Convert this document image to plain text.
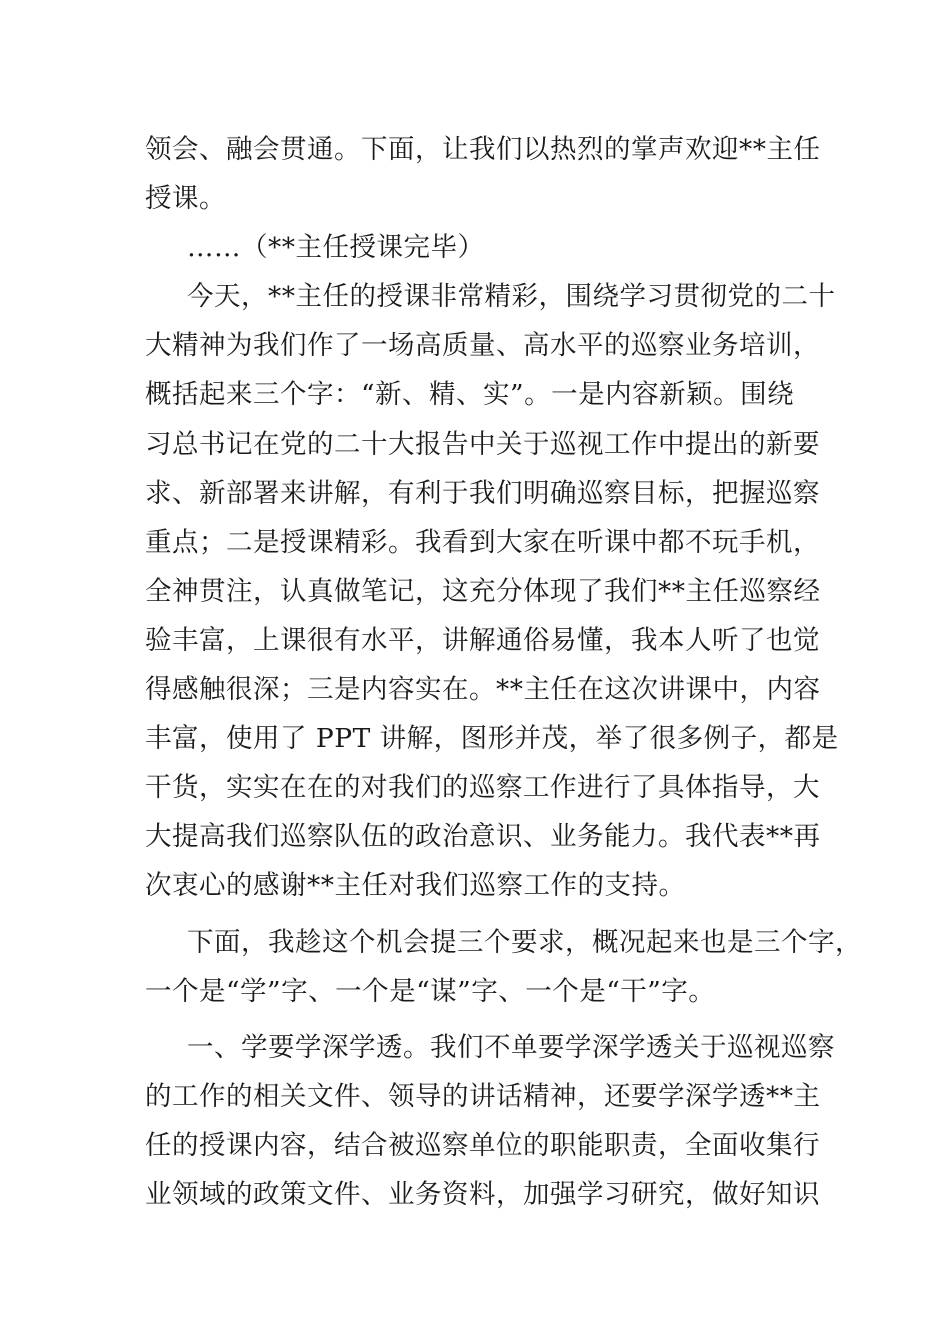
领会、融会贯通。下面，让我们以热烈的掌声欢迎**主任
授课。
……（**主任授课完毕）
今天，**主任的授课非常精彩，围绕学习贯彻党的二十
大精神为我们作了一场高质量、高水平的巡察业务培训，
概括起来三个字：“新、精、实”。一是内容新颖。围绕
习总书记在党的二十大报告中关于巡视工作中提出的新要
求、新部署来讲解，有利于我们明确巡察目标，把握巡察
重点；二是授课精彩。我看到大家在听课中都不玩手机，
全神贯注，认真做笔记，这充分体现了我们**主任巡察经
验丰富，上课很有水平，讲解通俗易懂，我本人听了也觉
得感触很深；三是内容实在。**主任在这次讲课中，内容
丰富，使用了 PPT 讲解，图形并茂，举了很多例子，都是
干货，实实在在的对我们的巡察工作进行了具体指导，大
大提高我们巡察队伍的政治意识、业务能力。我代表**再
次衷心的感谢**主任对我们巡察工作的支持。
下面，我趁这个机会提三个要求，概况起来也是三个字，
一个是“学”字、一个是“谋”字、一个是“干”字。
一、学要学深学透。我们不单要学深学透关于巡视巡察
的工作的相关文件、领导的讲话精神，还要学深学透**主
任的授课内容，结合被巡察单位的职能职责，全面收集行
业领域的政策文件、业务资料，加强学习研究，做好知识
